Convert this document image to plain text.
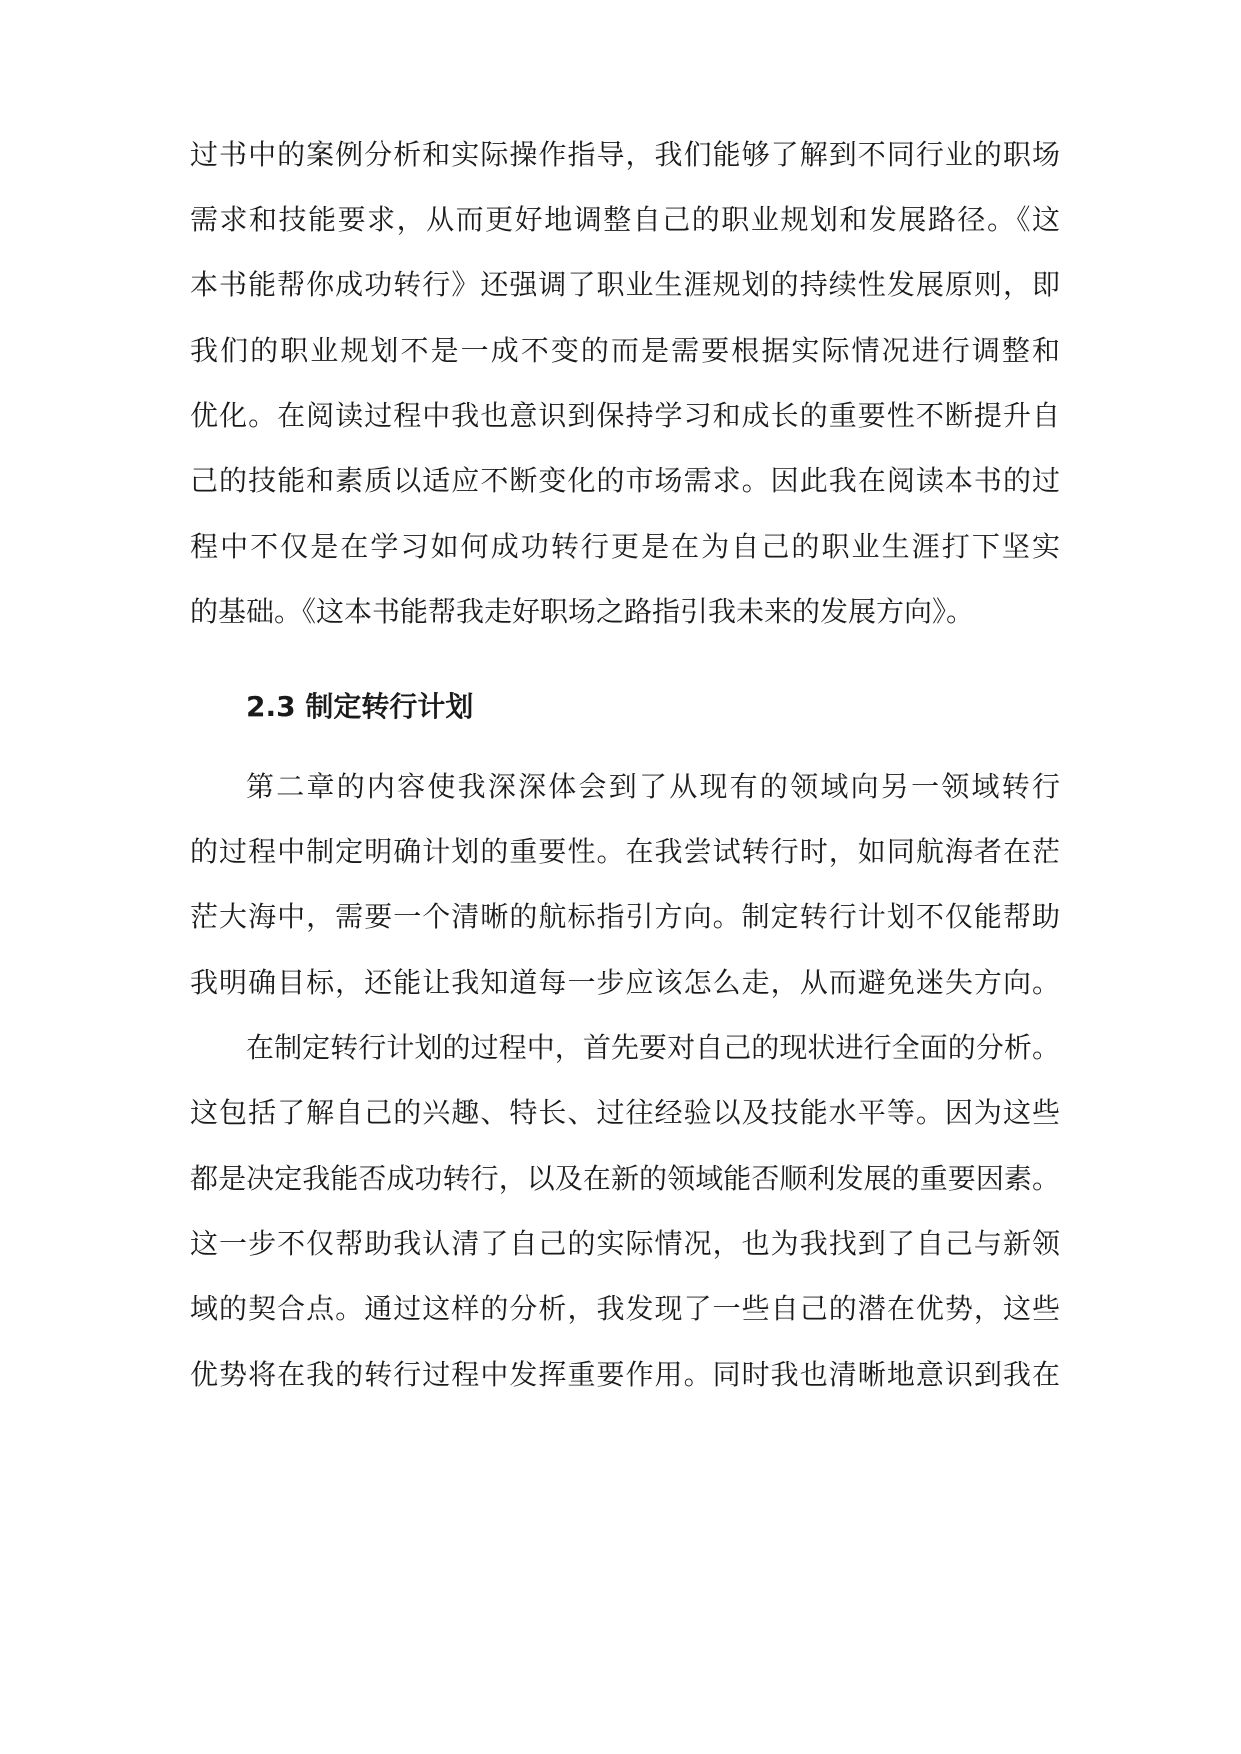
过书中的案例分析和实际操作指导，我们能够了解到不同行业的职场
需求和技能要求，从而更好地调整自己的职业规划和发展路径。《这
本书能帮你成功转行》还强调了职业生涯规划的持续性发展原则，即
我们的职业规划不是一成不变的而是需要根据实际情况进行调整和
优化。在阅读过程中我也意识到保持学习和成长的重要性不断提升自
己的技能和素质以适应不断变化的市场需求。因此我在阅读本书的过
程中不仅是在学习如何成功转行更是在为自己的职业生涯打下坚实
的基础。《这本书能帮我走好职场之路指引我未来的发展方向》。
2.3 制定转行计划
第二章的内容使我深深体会到了从现有的领域向另一领域转行
的过程中制定明确计划的重要性。在我尝试转行时，如同航海者在茫
茫大海中，需要一个清晰的航标指引方向。制定转行计划不仅能帮助
我明确目标，还能让我知道每一步应该怎么走，从而避免迷失方向。
在制定转行计划的过程中，首先要对自己的现状进行全面的分析。
这包括了解自己的兴趣、特长、过往经验以及技能水平等。因为这些
都是决定我能否成功转行，以及在新的领域能否顺利发展的重要因素。
这一步不仅帮助我认清了自己的实际情况，也为我找到了自己与新领
域的契合点。通过这样的分析，我发现了一些自己的潜在优势，这些
优势将在我的转行过程中发挥重要作用。同时我也清晰地意识到我在
